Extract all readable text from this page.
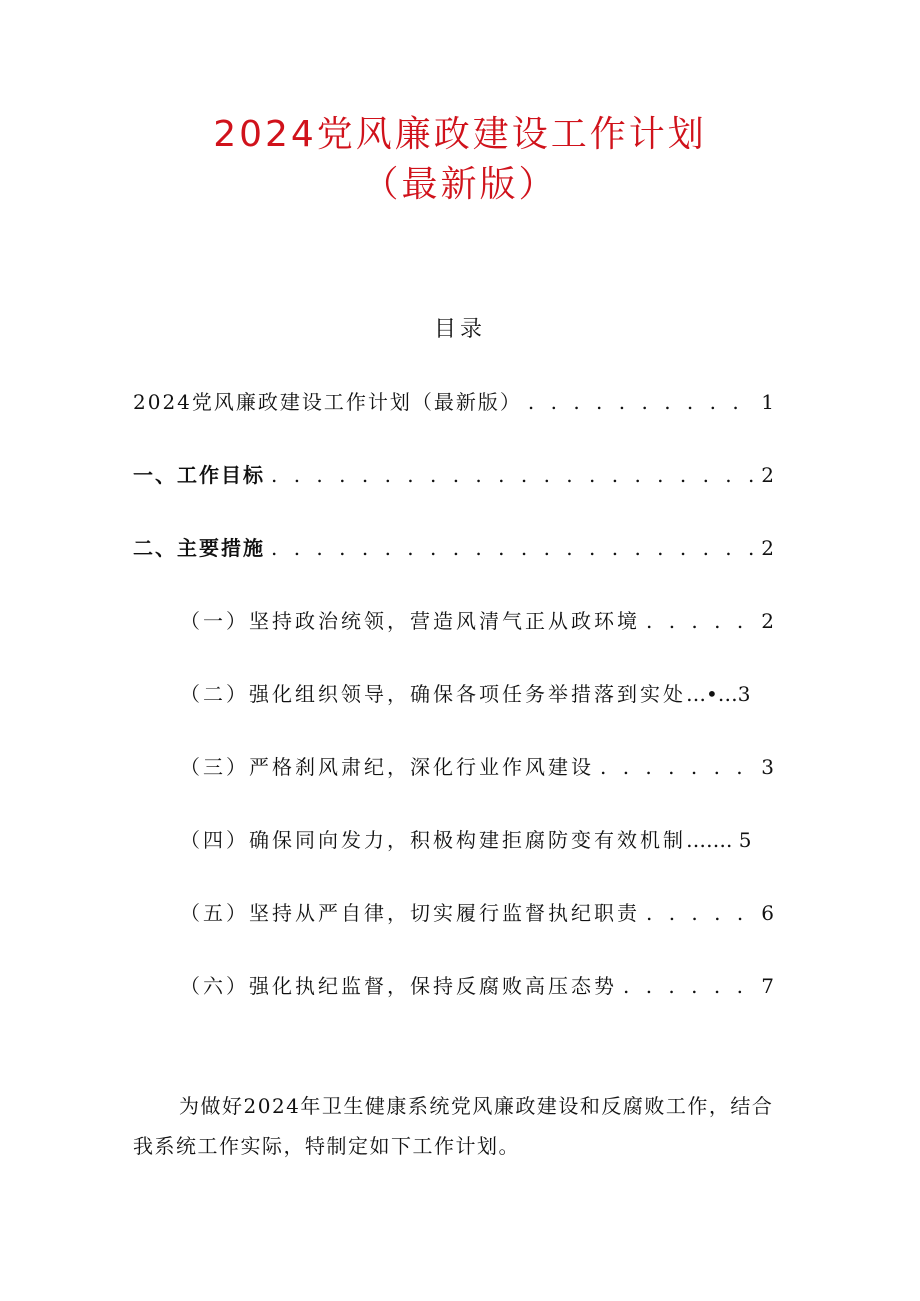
2024党风廉政建设工作计划
（最新版）
目录
2024党风廉政建设工作计划（最新版） . . .	1
一、工作目标 . . .	2
二、主要措施 . . .	2
（一）坚持政治统领，营造风清气正从政环境 . . .	2
（二）强化组织领导，确保各项任务举措落到实处 …•…3
（三）严格刹风肃纪，深化行业作风建设 . . .	3
（四）确保同向发力，积极构建拒腐防变有效机制 ……. 5
（五）坚持从严自律，切实履行监督执纪职责 . . .	6
（六）强化执纪监督，保持反腐败高压态势 . . .	7

为做好2024年卫生健康系统党风廉政建设和反腐败工作，结合我系统工作实际，特制定如下工作计划。
